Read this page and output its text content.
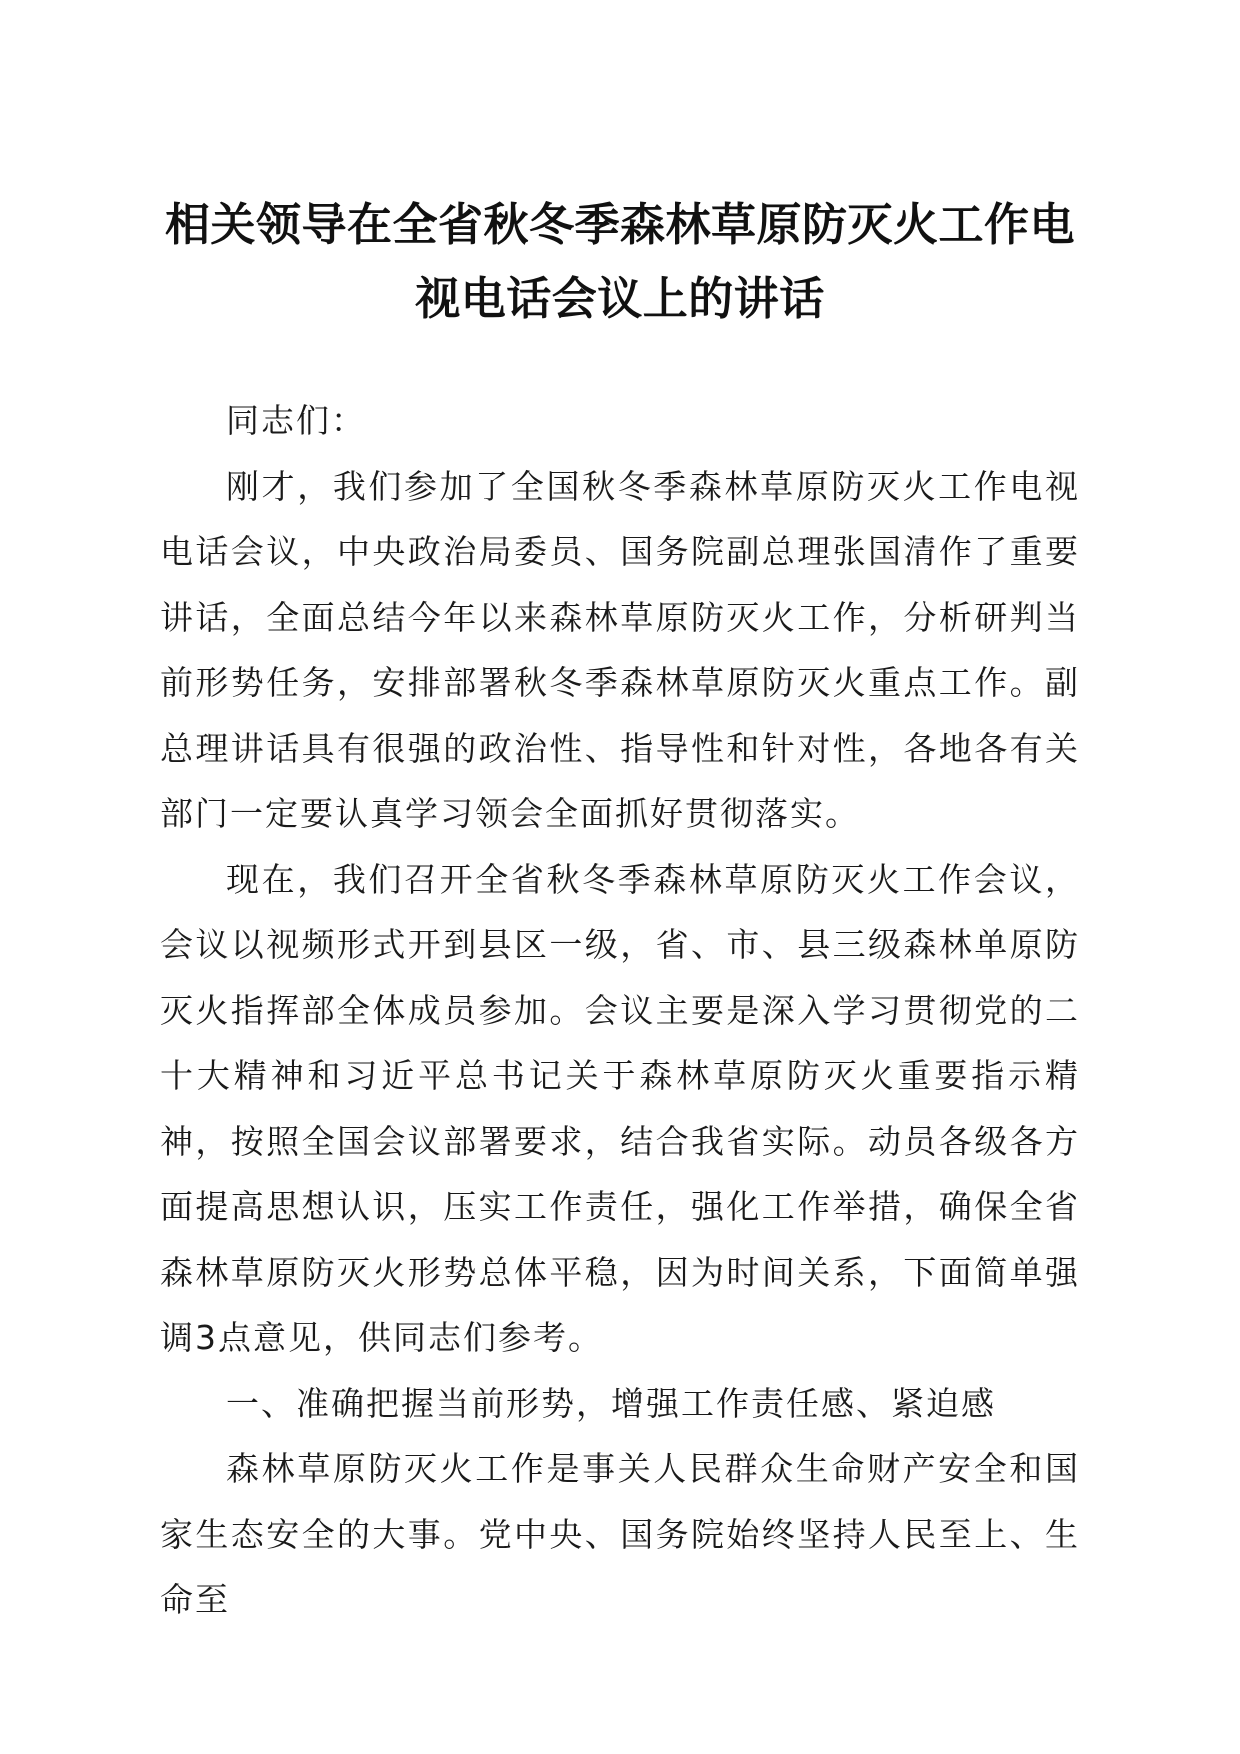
相关领导在全省秋冬季森林草原防灭火工作电视电话会议上的讲话

同志们：

刚才，我们参加了全国秋冬季森林草原防灭火工作电视电话会议，中央政治局委员、国务院副总理张国清作了重要讲话，全面总结今年以来森林草原防灭火工作，分析研判当前形势任务，安排部署秋冬季森林草原防灭火重点工作。副总理讲话具有很强的政治性、指导性和针对性，各地各有关部门一定要认真学习领会全面抓好贯彻落实。

现在，我们召开全省秋冬季森林草原防灭火工作会议，会议以视频形式开到县区一级，省、市、县三级森林单原防灭火指挥部全体成员参加。会议主要是深入学习贯彻党的二十大精神和习近平总书记关于森林草原防灭火重要指示精神，按照全国会议部署要求，结合我省实际。动员各级各方面提高思想认识，压实工作责任，强化工作举措，确保全省森林草原防灭火形势总体平稳，因为时间关系，下面简单强调3点意见，供同志们参考。

一、准确把握当前形势，增强工作责任感、紧迫感

森林草原防灭火工作是事关人民群众生命财产安全和国家生态安全的大事。党中央、国务院始终坚持人民至上、生命至
